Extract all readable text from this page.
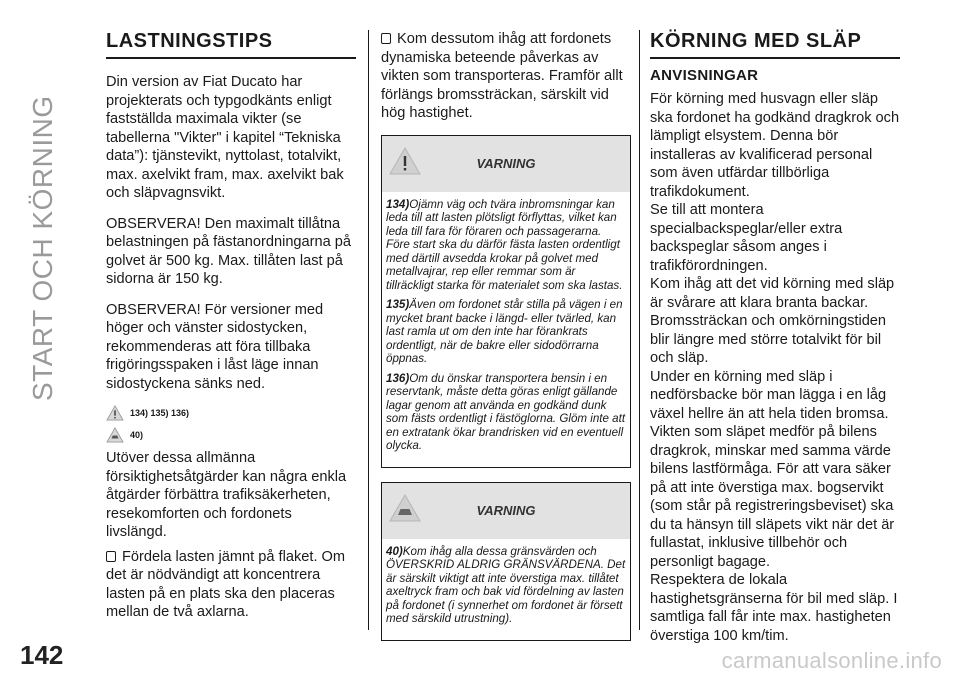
START OCH KÖRNING
LASTNINGSTIPS

Din version av Fiat Ducato har projekterats och typgodkänts enligt fastställda maximala vikter (se tabellerna "Vikter" i kapitel “Tekniska data”): tjänstevikt, nyttolast, totalvikt, max. axelvikt fram, max. axelvikt bak och släpvagnsvikt.

OBSERVERA! Den maximalt tillåtna belastningen på fästanordningarna på golvet är 500 kg. Max. tillåten last på sidorna är 150 kg.

OBSERVERA! För versioner med höger och vänster sidostycken, rekommenderas att föra tillbaka frigöringsspaken i låst läge innan sidostyckena sänks ned.

134) 135) 136)
40)

Utöver dessa allmänna försiktighetsåtgärder kan några enkla åtgärder förbättra trafiksäkerheten, resekomforten och fordonets livslängd.

Fördela lasten jämnt på flaket. Om det är nödvändigt att koncentrera lasten på en plats ska den placeras mellan de två axlarna.

Kom dessutom ihåg att fordonets dynamiska beteende påverkas av vikten som transporteras. Framför allt förlängs bromssträckan, särskilt vid hög hastighet.

VARNING

134)Ojämn väg och tvära inbromsningar kan leda till att lasten plötsligt förflyttas, vilket kan leda till fara för föraren och passagerarna. Före start ska du därför fästa lasten ordentligt med därtill avsedda krokar på golvet med metallvajrar, rep eller remmar som är tillräckligt starka för materialet som ska lastas.

135)Även om fordonet står stilla på vägen i en mycket brant backe i längd- eller tvärled, kan last ramla ut om den inte har förankrats ordentligt, när de bakre eller sidodörrarna öppnas.

136)Om du önskar transportera bensin i en reservtank, måste detta göras enligt gällande lagar genom att använda en godkänd dunk som fästs ordentligt i fästöglorna. Glöm inte att en extratank ökar brandrisken vid en eventuell olycka.

VARNING

40)Kom ihåg alla dessa gränsvärden och ÖVERSKRID ALDRIG GRÄNSVÄRDENA. Det är särskilt viktigt att inte överstiga max. tillåtet axeltryck fram och bak vid fördelning av lasten på fordonet (i synnerhet om fordonet är försett med särskild utrustning).

KÖRNING MED SLÄP
ANVISNINGAR

För körning med husvagn eller släp ska fordonet ha godkänd dragkrok och lämpligt elsystem. Denna bör installeras av kvalificerad personal som även utfärdar tillbörliga trafikdokument.

Se till att montera specialbackspeglar/eller extra backspeglar såsom anges i trafikförordningen.

Kom ihåg att det vid körning med släp är svårare att klara branta backar.

Bromssträckan och omkörningstiden blir längre med större totalvikt för bil och släp.

Under en körning med släp i nedförsbacke bör man lägga i en låg växel hellre än att hela tiden bromsa.

Vikten som släpet medför på bilens dragkrok, minskar med samma värde bilens lastförmåga. För att vara säker på att inte överstiga max. bogservikt (som står på registreringsbeviset) ska du ta hänsyn till släpets vikt när det är fullastat, inklusive tillbehör och personligt bagage.

Respektera de lokala hastighetsgränserna för bil med släp. I samtliga fall får inte max. hastigheten överstiga 100 km/tim.

142	carmanualsonline.info
